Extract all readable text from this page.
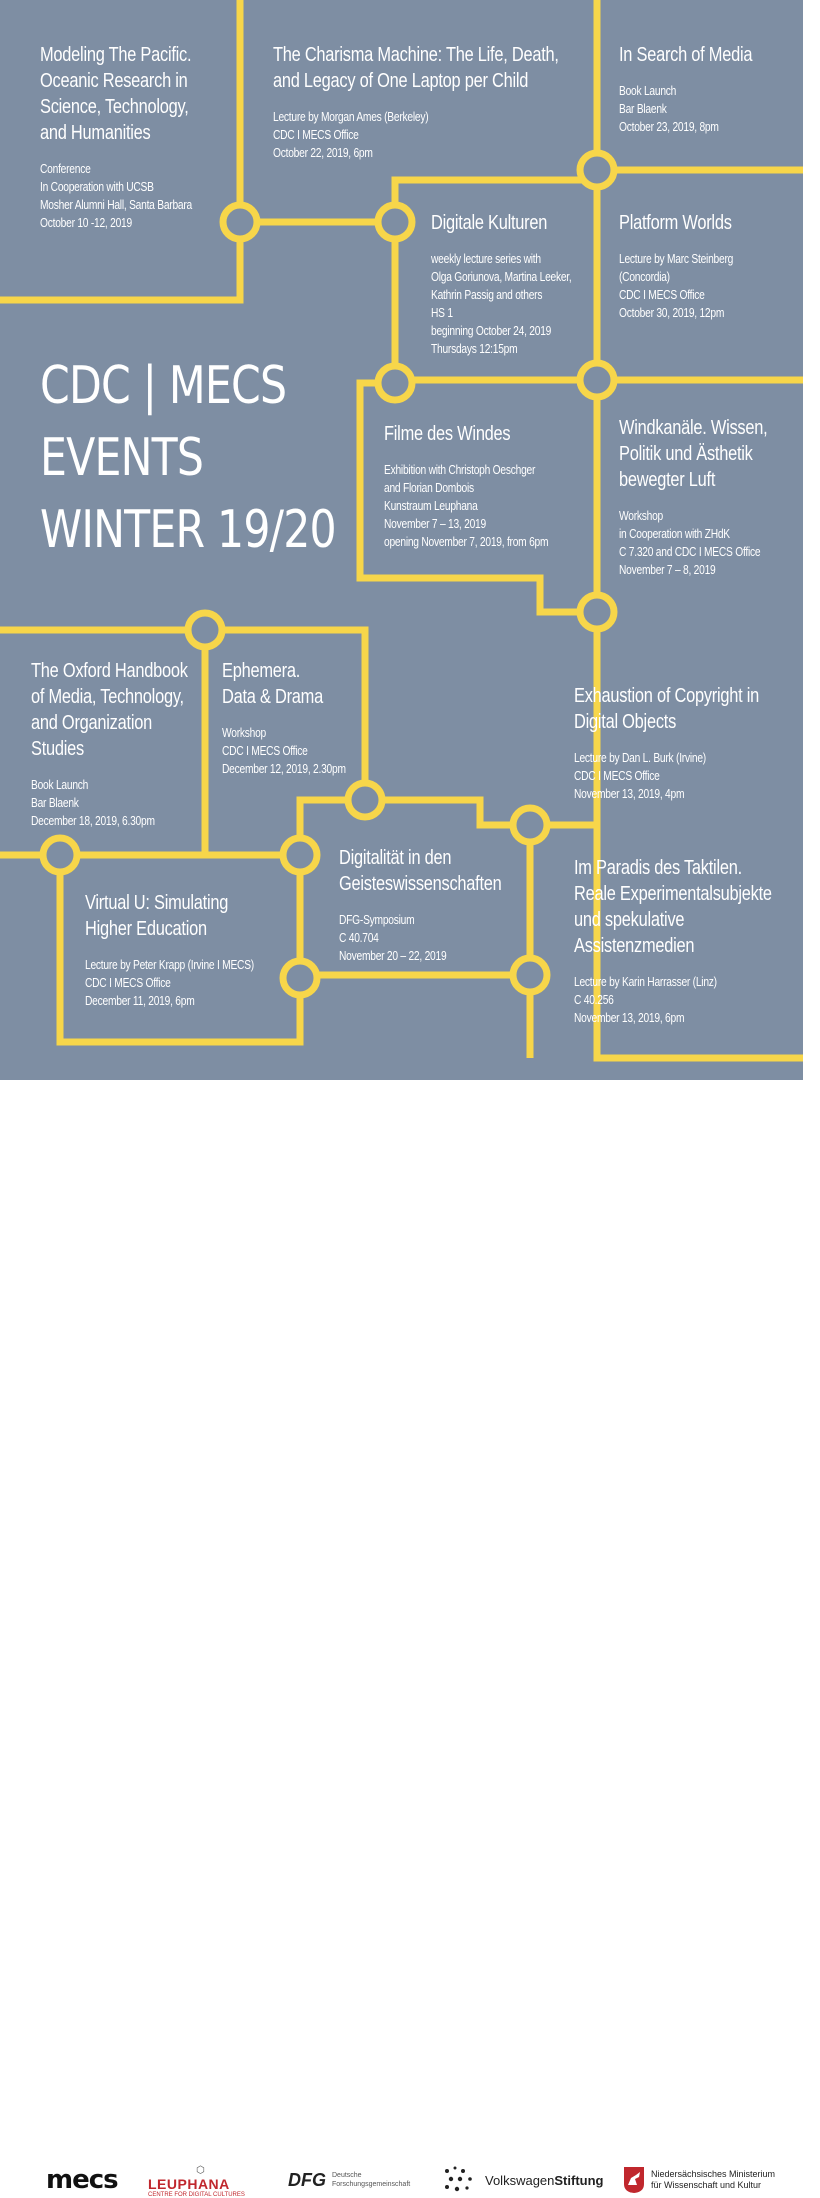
CDC | MECS
EVENTS
WINTER 19/20
Modeling The Pacific.
Oceanic Research in
Science, Technology,
and Humanities
Conference
In Cooperation with UCSB
Mosher Alumni Hall, Santa Barbara
October 10 -12, 2019
The Charisma Machine: The Life, Death,
and Legacy of One Laptop per Child
Lecture by Morgan Ames (Berkeley)
CDC I MECS Office
October 22, 2019, 6pm
In Search of Media
Book Launch
Bar Blaenk
October 23, 2019, 8pm
Digitale Kulturen
weekly lecture series with
Olga Goriunova, Martina Leeker,
Kathrin Passig and others
HS 1
beginning October 24, 2019
Thursdays 12:15pm
Platform Worlds
Lecture by Marc Steinberg (Concordia)
CDC I MECS Office
October 30, 2019, 12pm
Filme des Windes
Exhibition with Christoph Oeschger
and Florian Dombois
Kunstraum Leuphana
November 7 – 13, 2019
opening November 7, 2019, from 6pm
Windkanäle. Wissen,
Politik und Ästhetik
bewegter Luft
Workshop
in Cooperation with ZHdK
C 7.320 and CDC I MECS Office
November 7 – 8, 2019
The Oxford Handbook
of Media, Technology,
and Organization
Studies
Book Launch
Bar Blaenk
December 18, 2019, 6.30pm
Ephemera.
Data & Drama
Workshop
CDC I MECS Office
December 12, 2019, 2.30pm
Exhaustion of Copyright in
Digital Objects
Lecture by Dan L. Burk (Irvine)
CDC I MECS Office
November 13, 2019, 4pm
Digitalität in den
Geisteswissenschaften
DFG-Symposium
C 40.704
November 20 – 22, 2019
Im Paradis des Taktilen.
Reale Experimentalsubjekte
und spekulative
Assistenzmedien
Lecture by Karin Harrasser (Linz)
C 40.256
November 13, 2019, 6pm
Virtual U: Simulating
Higher Education
Lecture by Peter Krapp (Irvine I MECS)
CDC I MECS Office
December 11, 2019, 6pm
mecs	⬡
LEUPHANA
CENTRE FOR DIGITAL CULTURES
DFG Deutsche
Forschungsgemeinschaft	VolkswagenStiftung	Niedersächsisches Ministerium
für Wissenschaft und Kultur
